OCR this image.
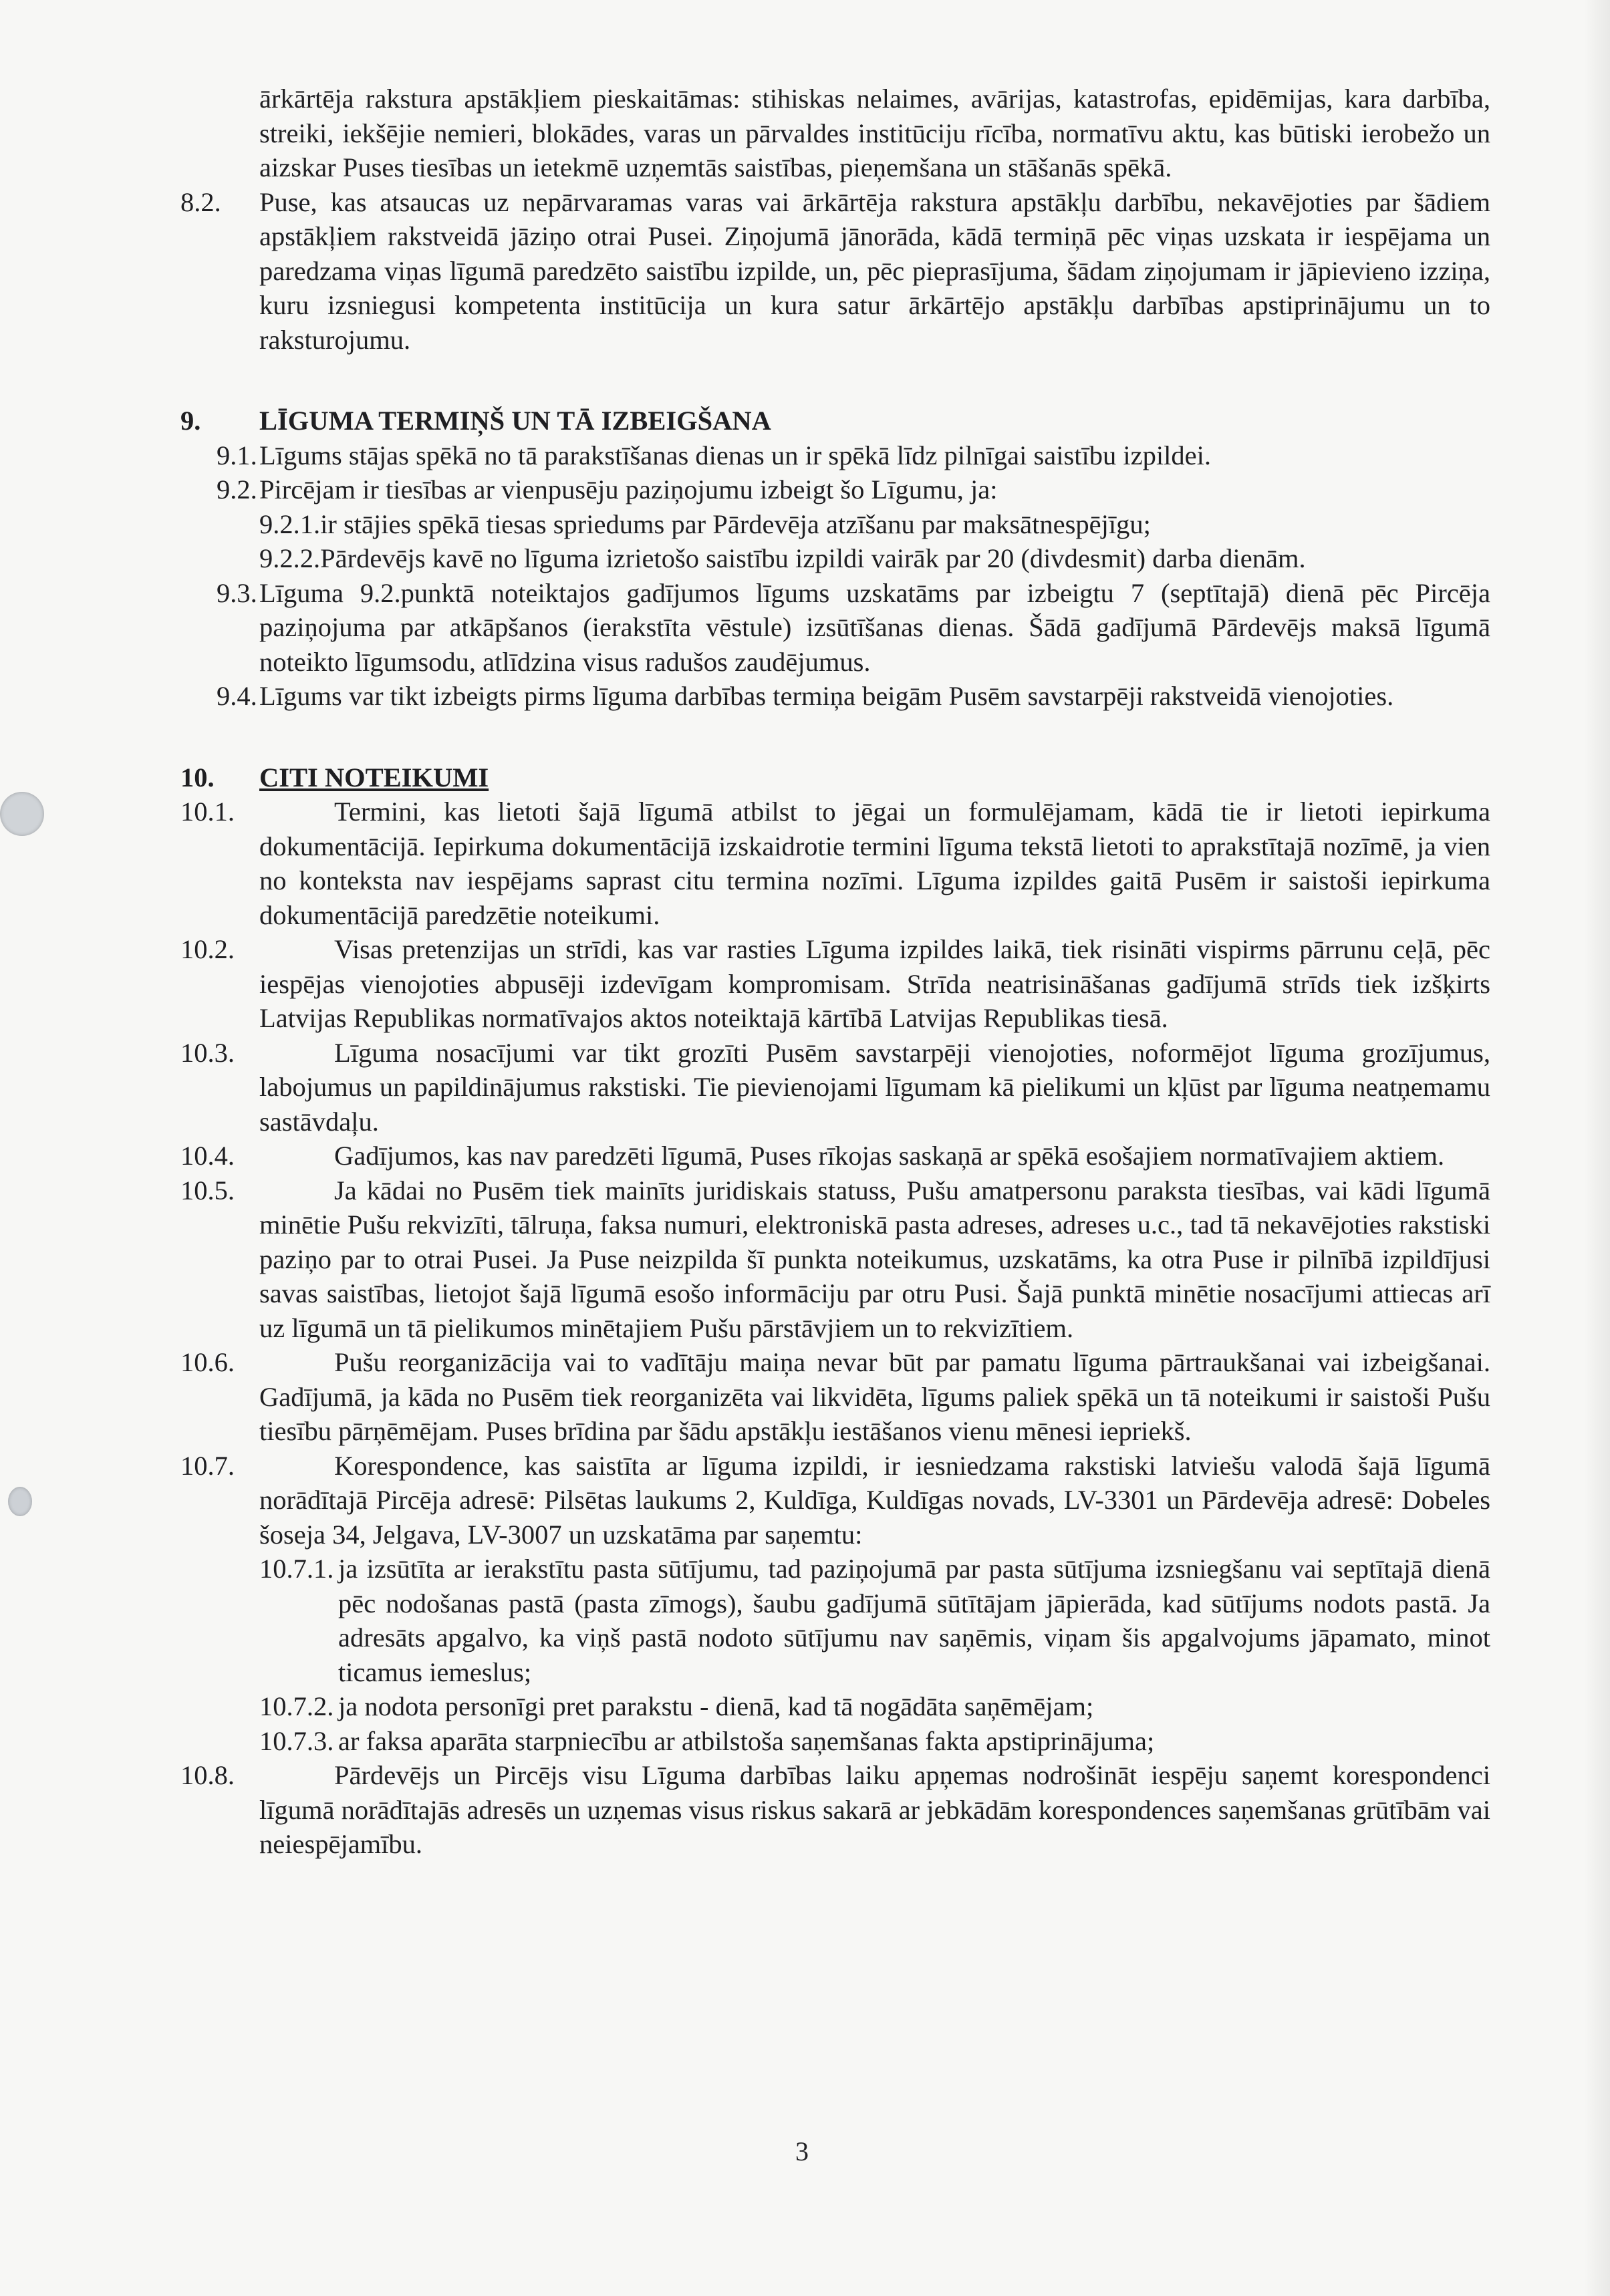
ārkārtēja rakstura apstākļiem pieskaitāmas: stihiskas nelaimes, avārijas, katastrofas, epidēmijas, kara darbība, streiki, iekšējie nemieri, blokādes, varas un pārvaldes institūciju rīcība, normatīvu aktu, kas būtiski ierobežo un aizskar Puses tiesības un ietekmē uzņemtās saistības, pieņemšana un stāšanās spēkā.

8.2. Puse, kas atsaucas uz nepārvaramas varas vai ārkārtēja rakstura apstākļu darbību, nekavējoties par šādiem apstākļiem rakstveidā jāziņo otrai Pusei. Ziņojumā jānorāda, kādā termiņā pēc viņas uzskata ir iespējama un paredzama viņas līgumā paredzēto saistību izpilde, un, pēc pieprasījuma, šādam ziņojumam ir jāpievieno izziņa, kuru izsniegusi kompetenta institūcija un kura satur ārkārtējo apstākļu darbības apstiprinājumu un to raksturojumu.

9. LĪGUMA TERMIŅŠ UN TĀ IZBEIGŠANA

9.1.Līgums stājas spēkā no tā parakstīšanas dienas un ir spēkā līdz pilnīgai saistību izpildei.

9.2.Pircējam ir tiesības ar vienpusēju paziņojumu izbeigt šo Līgumu, ja:

9.2.1.ir stājies spēkā tiesas spriedums par Pārdevēja atzīšanu par maksātnespējīgu;

9.2.2.Pārdevējs kavē no līguma izrietošo saistību izpildi vairāk par 20 (divdesmit) darba dienām.

9.3.Līguma 9.2.punktā noteiktajos gadījumos līgums uzskatāms par izbeigtu 7 (septītajā) dienā pēc Pircēja paziņojuma par atkāpšanos (ierakstīta vēstule) izsūtīšanas dienas. Šādā gadījumā Pārdevējs maksā līgumā noteikto līgumsodu, atlīdzina visus radušos zaudējumus.

9.4.Līgums var tikt izbeigts pirms līguma darbības termiņa beigām Pusēm savstarpēji rakstveidā vienojoties.

10. CITI NOTEIKUMI

10.1.	Termini, kas lietoti šajā līgumā atbilst to jēgai un formulējamam, kādā tie ir lietoti iepirkuma dokumentācijā. Iepirkuma dokumentācijā izskaidrotie termini līguma tekstā lietoti to aprakstītajā nozīmē, ja vien no konteksta nav iespējams saprast citu termina nozīmi. Līguma izpildes gaitā Pusēm ir saistoši iepirkuma dokumentācijā paredzētie noteikumi.

10.2.	Visas pretenzijas un strīdi, kas var rasties Līguma izpildes laikā, tiek risināti vispirms pārrunu ceļā, pēc iespējas vienojoties abpusēji izdevīgam kompromisam. Strīda neatrisināšanas gadījumā strīds tiek izšķirts Latvijas Republikas normatīvajos aktos noteiktajā kārtībā Latvijas Republikas tiesā.

10.3.	Līguma nosacījumi var tikt grozīti Pusēm savstarpēji vienojoties, noformējot līguma grozījumus, labojumus un papildinājumus rakstiski. Tie pievienojami līgumam kā pielikumi un kļūst par līguma neatņemamu sastāvdaļu.

10.4.	Gadījumos, kas nav paredzēti līgumā, Puses rīkojas saskaņā ar spēkā esošajiem normatīvajiem aktiem.

10.5.	Ja kādai no Pusēm tiek mainīts juridiskais statuss, Pušu amatpersonu paraksta tiesības, vai kādi līgumā minētie Pušu rekvizīti, tālruņa, faksa numuri, elektroniskā pasta adreses, adreses u.c., tad tā nekavējoties rakstiski paziņo par to otrai Pusei. Ja Puse neizpilda šī punkta noteikumus, uzskatāms, ka otra Puse ir pilnībā izpildījusi savas saistības, lietojot šajā līgumā esošo informāciju par otru Pusi. Šajā punktā minētie nosacījumi attiecas arī uz līgumā un tā pielikumos minētajiem Pušu pārstāvjiem un to rekvizītiem.

10.6.	Pušu reorganizācija vai to vadītāju maiņa nevar būt par pamatu līguma pārtraukšanai vai izbeigšanai. Gadījumā, ja kāda no Pusēm tiek reorganizēta vai likvidēta, līgums paliek spēkā un tā noteikumi ir saistoši Pušu tiesību pārņēmējam. Puses brīdina par šādu apstākļu iestāšanos vienu mēnesi iepriekš.

10.7.	Korespondence, kas saistīta ar līguma izpildi, ir iesniedzama rakstiski latviešu valodā šajā līgumā norādītajā Pircēja adresē: Pilsētas laukums 2, Kuldīga, Kuldīgas novads, LV-3301 un Pārdevēja adresē: Dobeles šoseja 34, Jelgava, LV-3007 un uzskatāma par saņemtu:

10.7.1. ja izsūtīta ar ierakstītu pasta sūtījumu, tad paziņojumā par pasta sūtījuma izsniegšanu vai septītajā dienā pēc nodošanas pastā (pasta zīmogs), šaubu gadījumā sūtītājam jāpierāda, kad sūtījums nodots pastā. Ja adresāts apgalvo, ka viņš pastā nodoto sūtījumu nav saņēmis, viņam šis apgalvojums jāpamato, minot ticamus iemeslus;

10.7.2. ja nodota personīgi pret parakstu - dienā, kad tā nogādāta saņēmējam;

10.7.3. ar faksa aparāta starpniecību ar atbilstoša saņemšanas fakta apstiprinājuma;

10.8.	Pārdevējs un Pircējs visu Līguma darbības laiku apņemas nodrošināt iespēju saņemt korespondenci līgumā norādītajās adresēs un uzņemas visus riskus sakarā ar jebkādām korespondences saņemšanas grūtībām vai neiespējamību.

3
